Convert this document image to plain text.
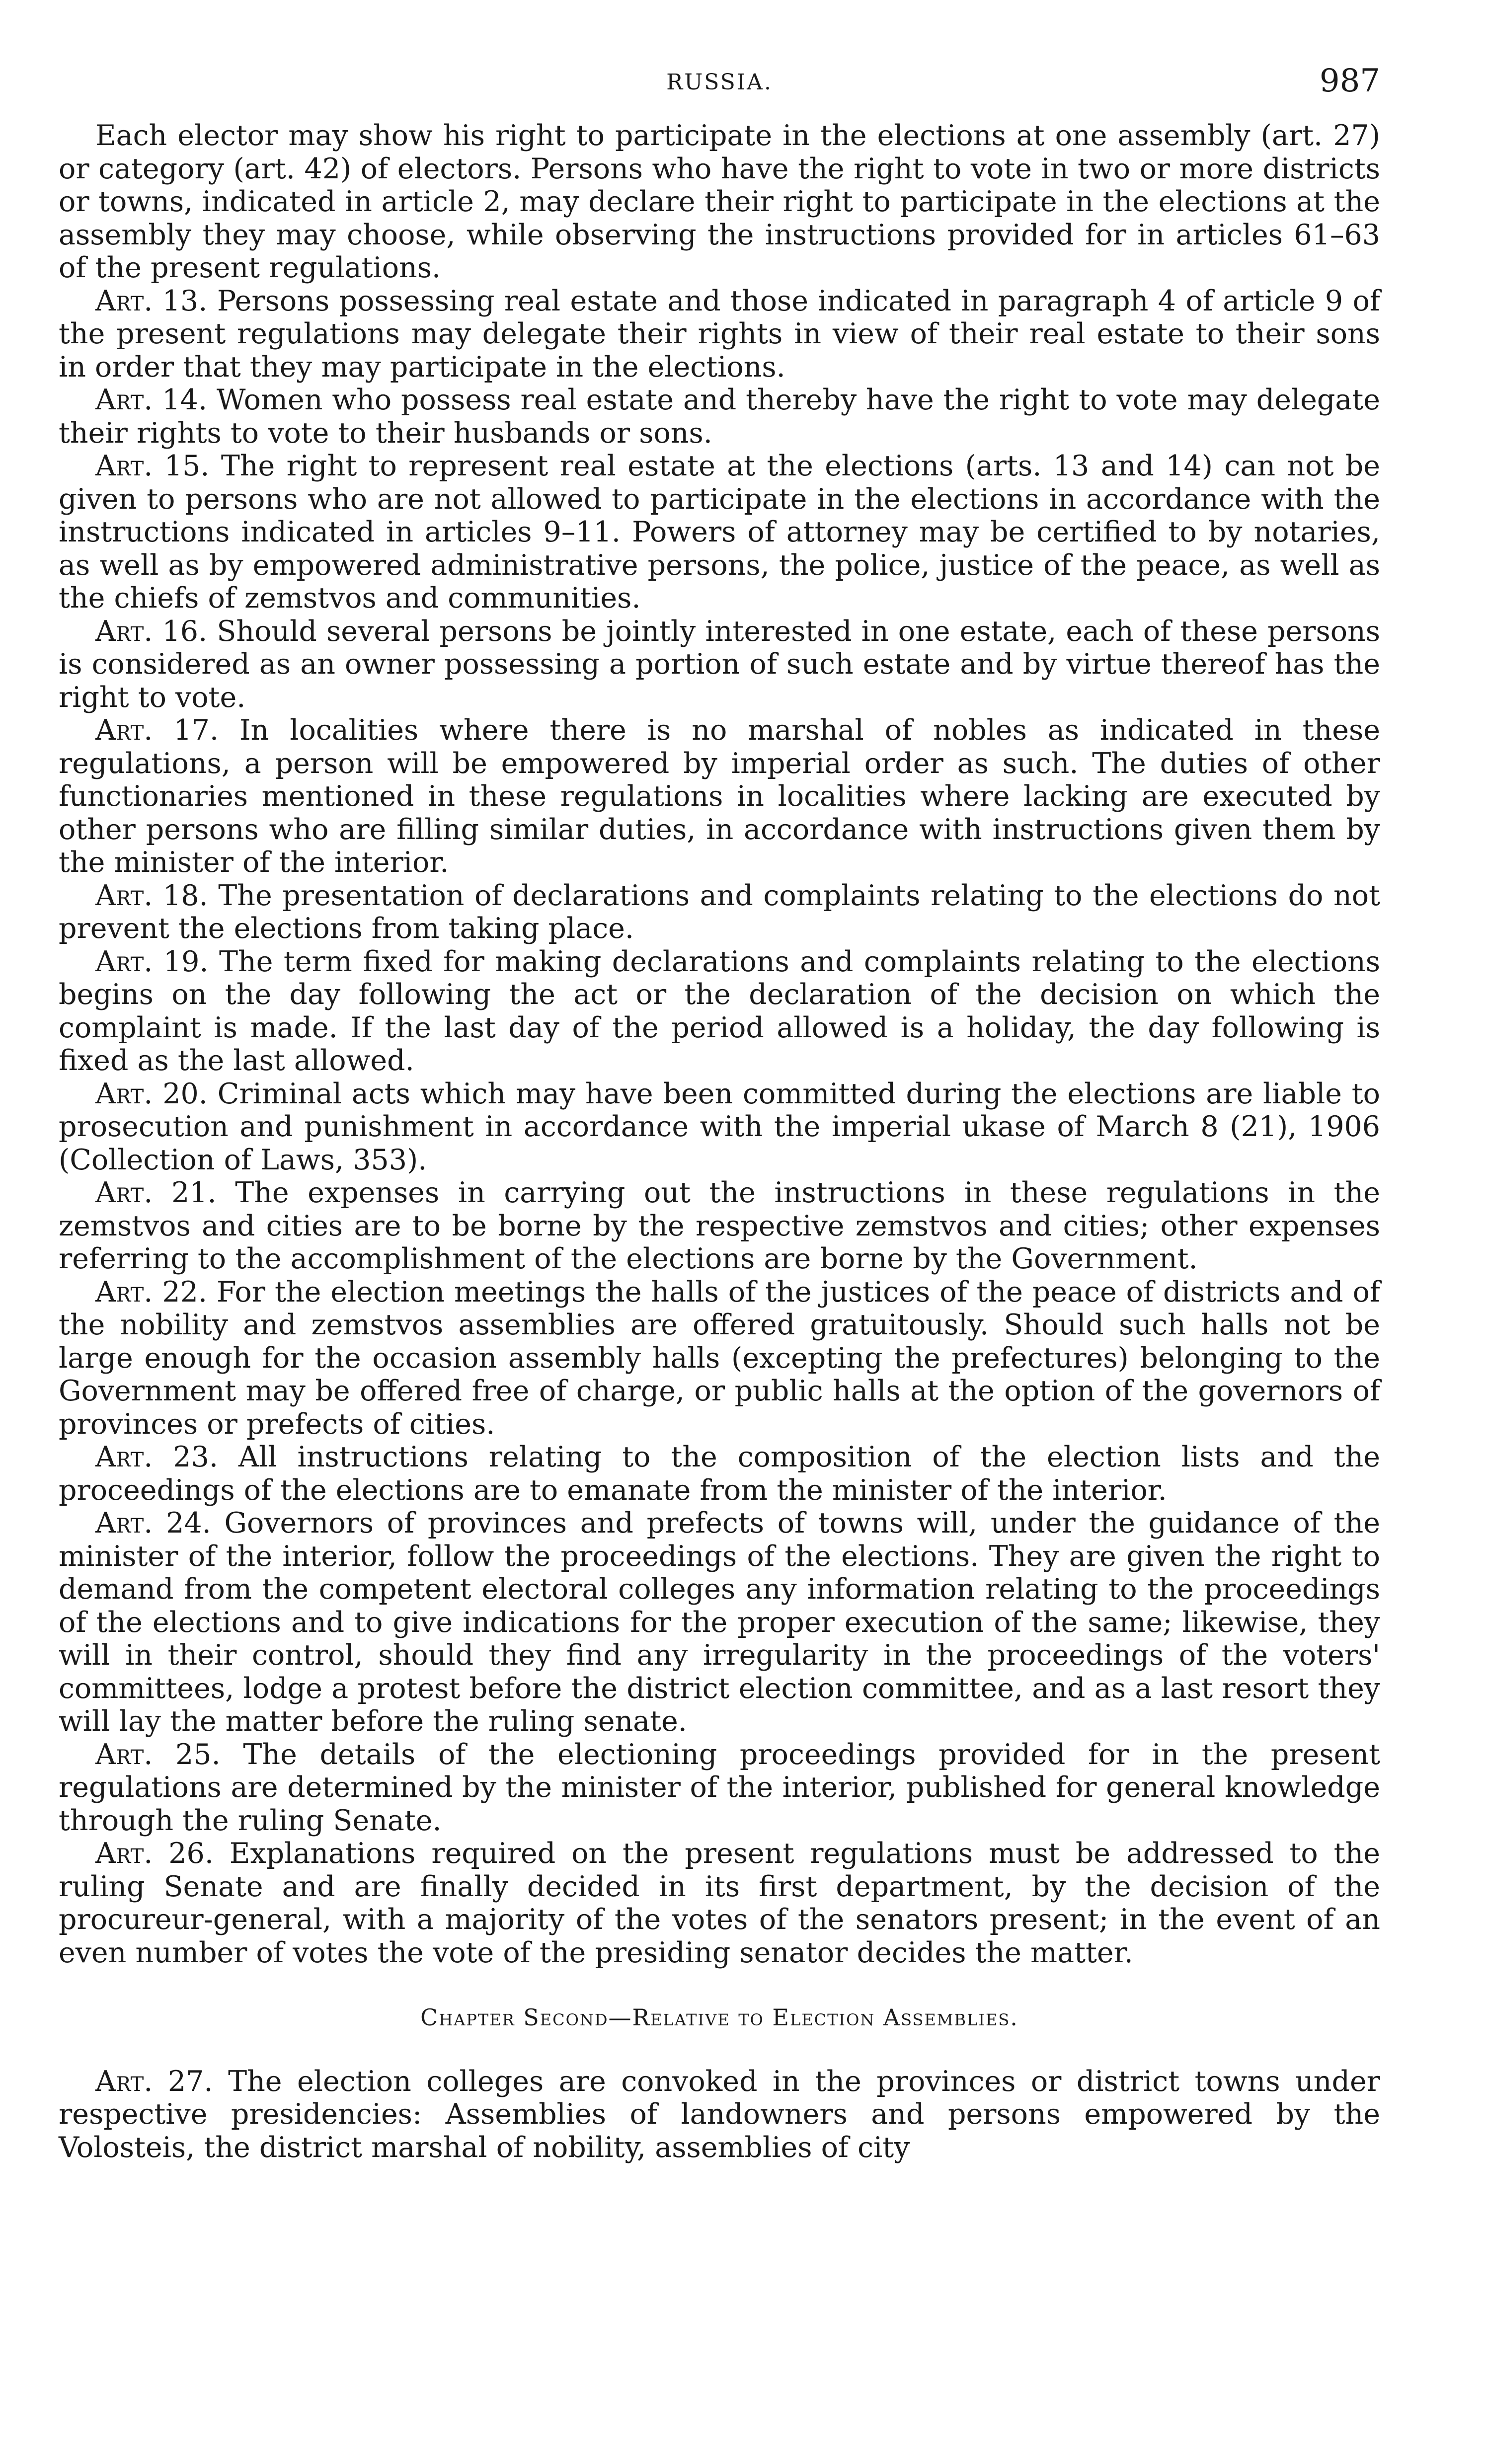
RUSSIA.	987

Each elector may show his right to participate in the elections at one assembly (art. 27) or category (art. 42) of electors. Persons who have the right to vote in two or more districts or towns, indicated in article 2, may declare their right to participate in the elections at the assembly they may choose, while observing the instructions provided for in articles 61–63 of the present regulations.

Art. 13. Persons possessing real estate and those indicated in paragraph 4 of article 9 of the present regulations may delegate their rights in view of their real estate to their sons in order that they may participate in the elections.

Art. 14. Women who possess real estate and thereby have the right to vote may delegate their rights to vote to their husbands or sons.

Art. 15. The right to represent real estate at the elections (arts. 13 and 14) can not be given to persons who are not allowed to participate in the elections in accordance with the instructions indicated in articles 9–11. Powers of attorney may be certified to by notaries, as well as by empowered administrative persons, the police, justice of the peace, as well as the chiefs of zemstvos and communities.

Art. 16. Should several persons be jointly interested in one estate, each of these persons is considered as an owner possessing a portion of such estate and by virtue thereof has the right to vote.

Art. 17. In localities where there is no marshal of nobles as indicated in these regulations, a person will be empowered by imperial order as such. The duties of other functionaries mentioned in these regulations in localities where lacking are executed by other persons who are filling similar duties, in accordance with instructions given them by the minister of the interior.

Art. 18. The presentation of declarations and complaints relating to the elections do not prevent the elections from taking place.

Art. 19. The term fixed for making declarations and complaints relating to the elections begins on the day following the act or the declaration of the decision on which the complaint is made. If the last day of the period allowed is a holiday, the day following is fixed as the last allowed.

Art. 20. Criminal acts which may have been committed during the elections are liable to prosecution and punishment in accordance with the imperial ukase of March 8 (21), 1906 (Collection of Laws, 353).

Art. 21. The expenses in carrying out the instructions in these regulations in the zemstvos and cities are to be borne by the respective zemstvos and cities; other expenses referring to the accomplishment of the elections are borne by the Government.

Art. 22. For the election meetings the halls of the justices of the peace of districts and of the nobility and zemstvos assemblies are offered gratuitously. Should such halls not be large enough for the occasion assembly halls (excepting the prefectures) belonging to the Government may be offered free of charge, or public halls at the option of the governors of provinces or prefects of cities.

Art. 23. All instructions relating to the composition of the election lists and the proceedings of the elections are to emanate from the minister of the interior.

Art. 24. Governors of provinces and prefects of towns will, under the guidance of the minister of the interior, follow the proceedings of the elections. They are given the right to demand from the competent electoral colleges any information relating to the proceedings of the elections and to give indications for the proper execution of the same; likewise, they will in their control, should they find any irregularity in the proceedings of the voters' committees, lodge a protest before the district election committee, and as a last resort they will lay the matter before the ruling senate.

Art. 25. The details of the electioning proceedings provided for in the present regulations are determined by the minister of the interior, published for general knowledge through the ruling Senate.

Art. 26. Explanations required on the present regulations must be addressed to the ruling Senate and are finally decided in its first department, by the decision of the procureur-general, with a majority of the votes of the senators present; in the event of an even number of votes the vote of the presiding senator decides the matter.

Chapter Second—Relative to Election Assemblies.

Art. 27. The election colleges are convoked in the provinces or district towns under respective presidencies: Assemblies of landowners and persons empowered by the Volosteis, the district marshal of nobility, assemblies of city
